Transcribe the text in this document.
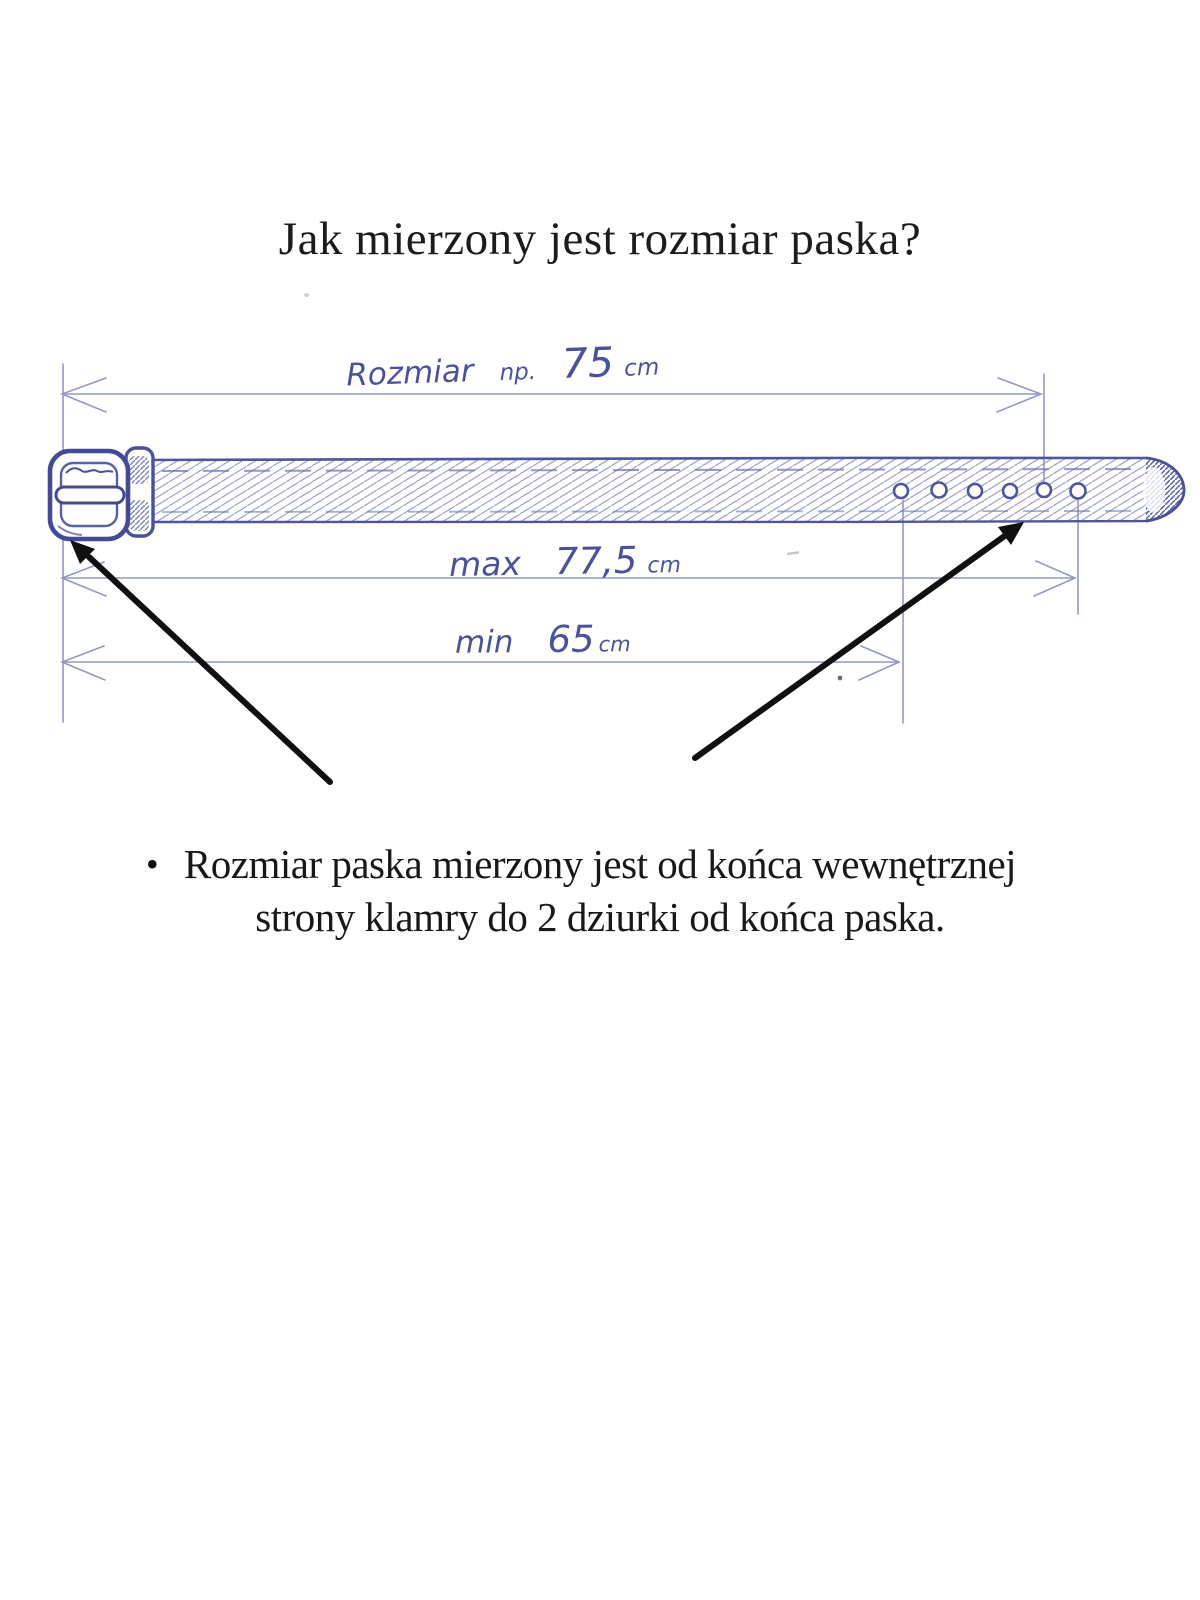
Jak mierzony jest rozmiar paska?
Rozmiar np. 75 cm
max 77,5 cm
min 65 cm
• Rozmiar paska mierzony jest od końca wewnętrznej
strony klamry do 2 dziurki od końca paska.
